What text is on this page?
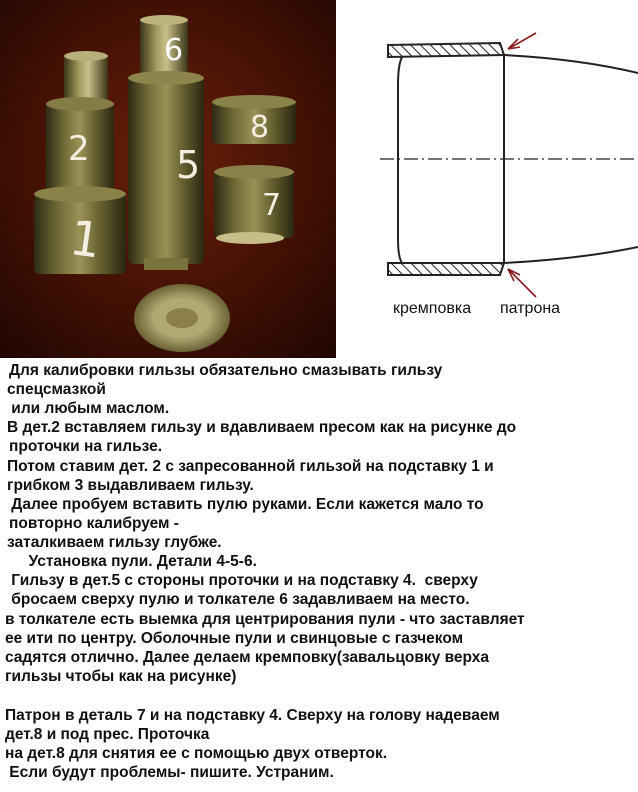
2
1
6
5
8
7
кремповка патрона
Для калибровки гильзы обязательно смазывать гильзу
спецсмазкой
или любым маслом.
В дет.2 вставляем гильзу и вдавливаем пресом как на рисунке до
проточки на гильзе.
Потом ставим дет. 2 с запресованной гильзой на подставку 1 и
грибком 3 выдавливаем гильзу.
Далее пробуем вставить пулю руками. Если кажется мало то
повторно калибруем -
заталкиваем гильзу глубже.
Установка пули. Детали 4-5-6.
Гильзу в дет.5 с стороны проточки и на подставку 4.  сверху
бросаем сверху пулю и толкателе 6 задавливаем на место.
в толкателе есть выемка для центрирования пули - что заставляет
ее ити по центру. Оболочные пули и свинцовые с газчеком
садятся отлично. Далее делаем кремповку(завальцовку верха
гильзы чтобы как на рисунке)
Патрон в деталь 7 и на подставку 4. Сверху на голову надеваем
дет.8 и под прес. Проточка
на дет.8 для снятия ее с помощью двух отверток.
Если будут проблемы- пишите. Устраним.
